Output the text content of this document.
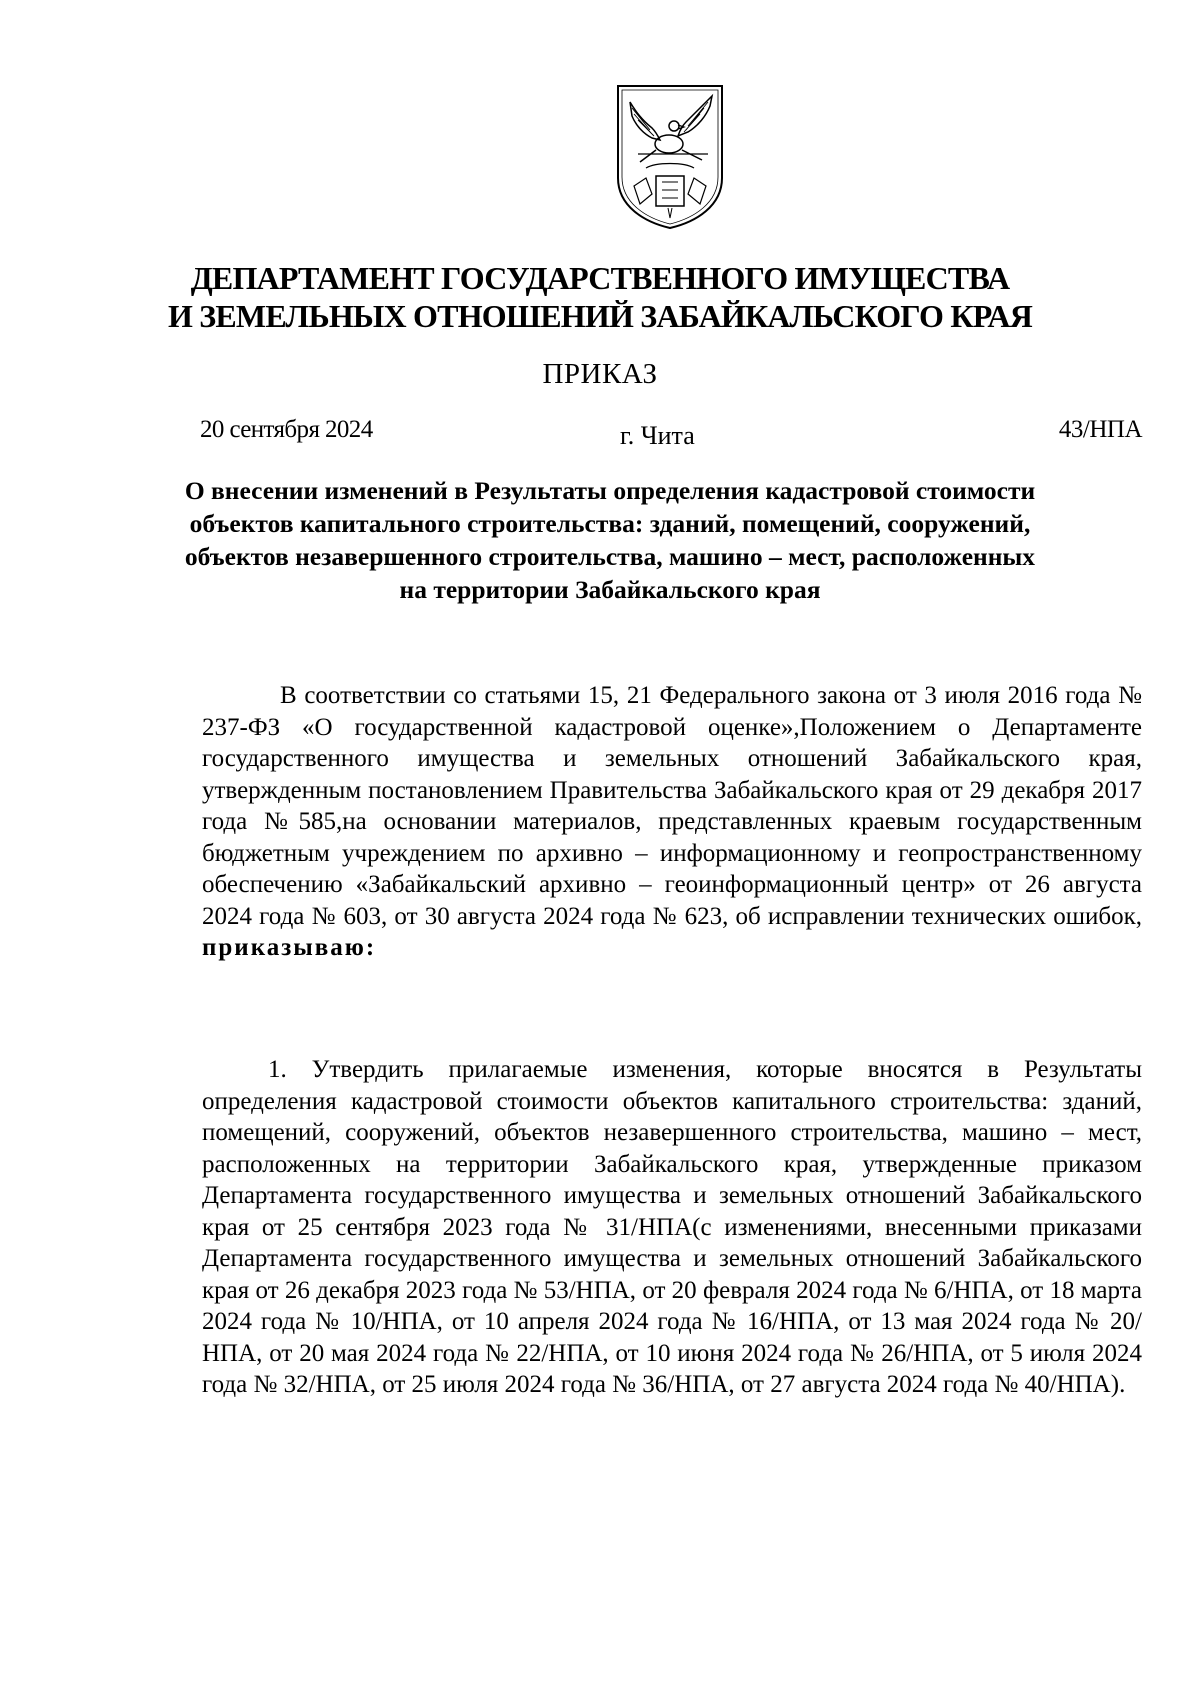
ДЕПАРТАМЕНТ ГОСУДАРСТВЕННОГО ИМУЩЕСТВА
И ЗЕМЕЛЬНЫХ ОТНОШЕНИЙ ЗАБАЙКАЛЬСКОГО КРАЯ
ПРИКАЗ
20 сентября 2024	г. Чита	43/НПА
О внесении изменений в Результаты определения кадастровой стоимости объектов капитального строительства: зданий, помещений, сооружений, объектов незавершенного строительства, машино – мест, расположенных на территории Забайкальского края
В соответствии со статьями 15, 21 Федерального закона от 3 июля 2016 года № 237-ФЗ «О государственной кадастровой оценке»,Положением о Департаменте государственного имущества и земельных отношений Забайкальского края, утвержденным постановлением Правительства Забайкальского края от 29 декабря 2017 года №585,на основании материалов, представленных краевым государственным бюджетным учреждением по архивно – информационному и геопространственному обеспечению «Забайкальский архивно – геоинформационный центр» от 26 августа 2024 года № 603, от 30 августа 2024 года № 623, об исправлении технических ошибок, приказываю:
1. Утвердить прилагаемые изменения, которые вносятся в Результаты определения кадастровой стоимости объектов капитального строительства: зданий, помещений, сооружений, объектов незавершенного строительства, машино – мест, расположенных на территории Забайкальского края, утвержденные приказом Департамента государственного имущества и земельных отношений Забайкальского края от 25 сентября 2023 года № 31/НПА(с изменениями, внесенными приказами Департамента государственного имущества и земельных отношений Забайкальского края от 26 декабря 2023 года № 53/НПА, от 20 февраля 2024 года № 6/НПА, от 18 марта 2024 года № 10/НПА, от 10 апреля 2024 года № 16/НПА, от 13 мая 2024 года № 20/НПА, от 20 мая 2024 года № 22/НПА, от 10 июня 2024 года № 26/НПА, от 5 июля 2024 года № 32/НПА, от 25 июля 2024 года № 36/НПА, от 27 августа 2024 года № 40/НПА).
